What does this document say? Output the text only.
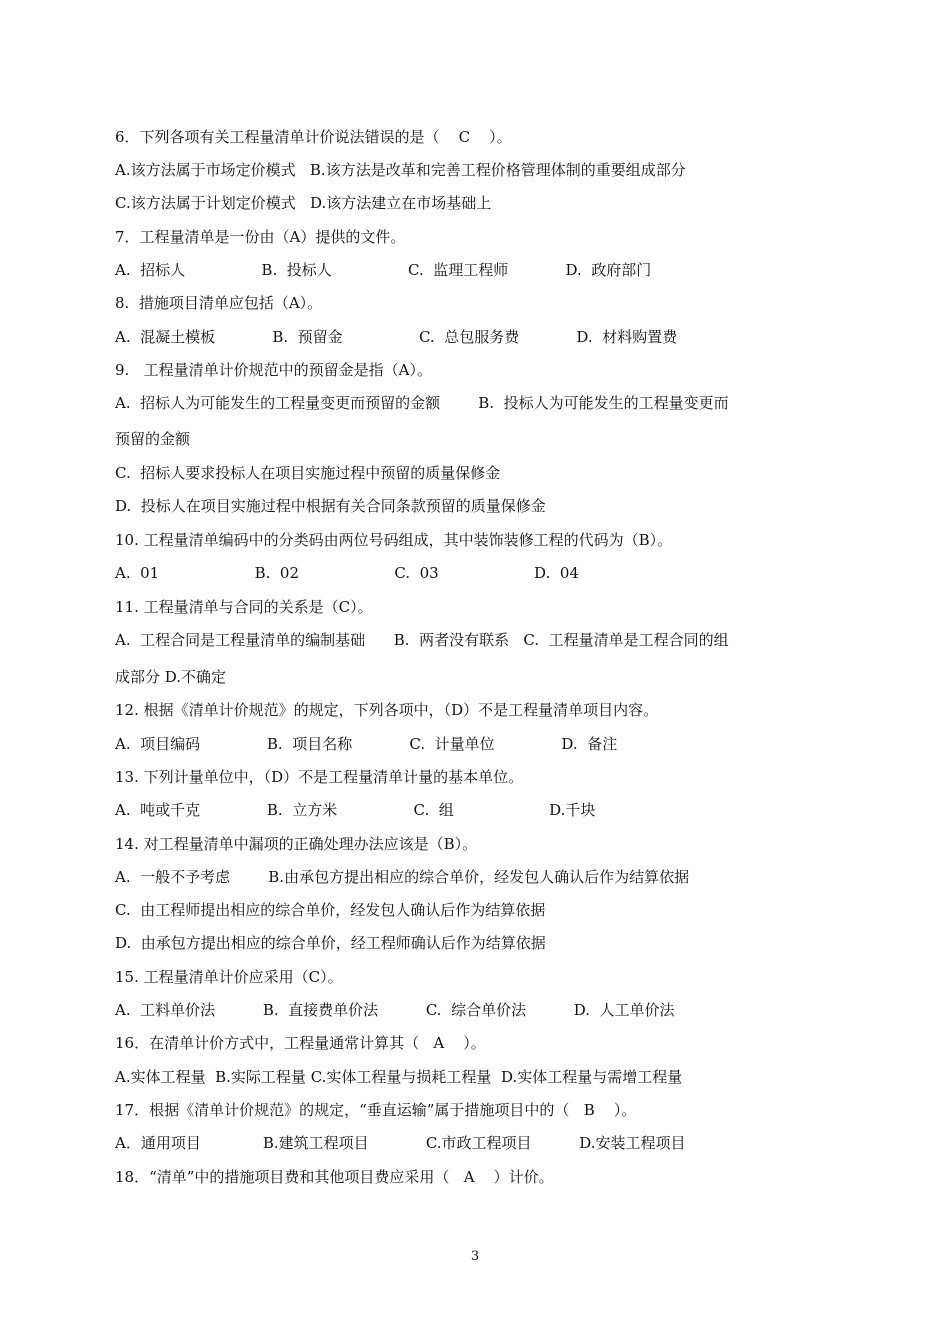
6．下列各项有关工程量清单计价说法错误的是（    C    ）。
A.该方法属于市场定价模式   B.该方法是改革和完善工程价格管理体制的重要组成部分
C.该方法属于计划定价模式   D.该方法建立在市场基础上
7．工程量清单是一份由（A）提供的文件。
A.  招标人                B.  投标人                C.  监理工程师            D.  政府部门
8.  措施项目清单应包括（A）。
A.  混凝土模板            B.  预留金                C.  总包服务费            D.  材料购置费
9.   工程量清单计价规范中的预留金是指（A）。
A.  招标人为可能发生的工程量变更而预留的金额        B.  投标人为可能发生的工程量变更而
预留的金额
C.  招标人要求投标人在项目实施过程中预留的质量保修金
D.  投标人在项目实施过程中根据有关合同条款预留的质量保修金
10. 工程量清单编码中的分类码由两位号码组成，其中装饰装修工程的代码为（B）。
A.  01                    B.  02                    C.  03                    D.  04
11. 工程量清单与合同的关系是（C）。
A.  工程合同是工程量清单的编制基础      B.  两者没有联系   C.  工程量清单是工程合同的组
成部分 D.不确定
12. 根据《清单计价规范》的规定，下列各项中，（D）不是工程量清单项目内容。
A.  项目编码              B.  项目名称            C.  计量单位              D.  备注
13. 下列计量单位中，（D）不是工程量清单计量的基本单位。
A.  吨或千克              B.  立方米                C.  组                    D.千块
14. 对工程量清单中漏项的正确处理办法应该是（B）。
A.  一般不予考虑        B.由承包方提出相应的综合单价，经发包人确认后作为结算依据
C.  由工程师提出相应的综合单价，经发包人确认后作为结算依据
D.  由承包方提出相应的综合单价，经工程师确认后作为结算依据
15. 工程量清单计价应采用（C）。
A.  工料单价法          B.  直接费单价法          C.  综合单价法          D.  人工单价法
16．在清单计价方式中，工程量通常计算其（   A    ）。
A.实体工程量  B.实际工程量 C.实体工程量与损耗工程量  D.实体工程量与需增工程量
17．根据《清单计价规范》的规定，“垂直运输”属于措施项目中的（   B    ）。
A．通用项目             B.建筑工程项目            C.市政工程项目          D.安装工程项目
18．“清单”中的措施项目费和其他项目费应采用（   A    ）计价。
3
